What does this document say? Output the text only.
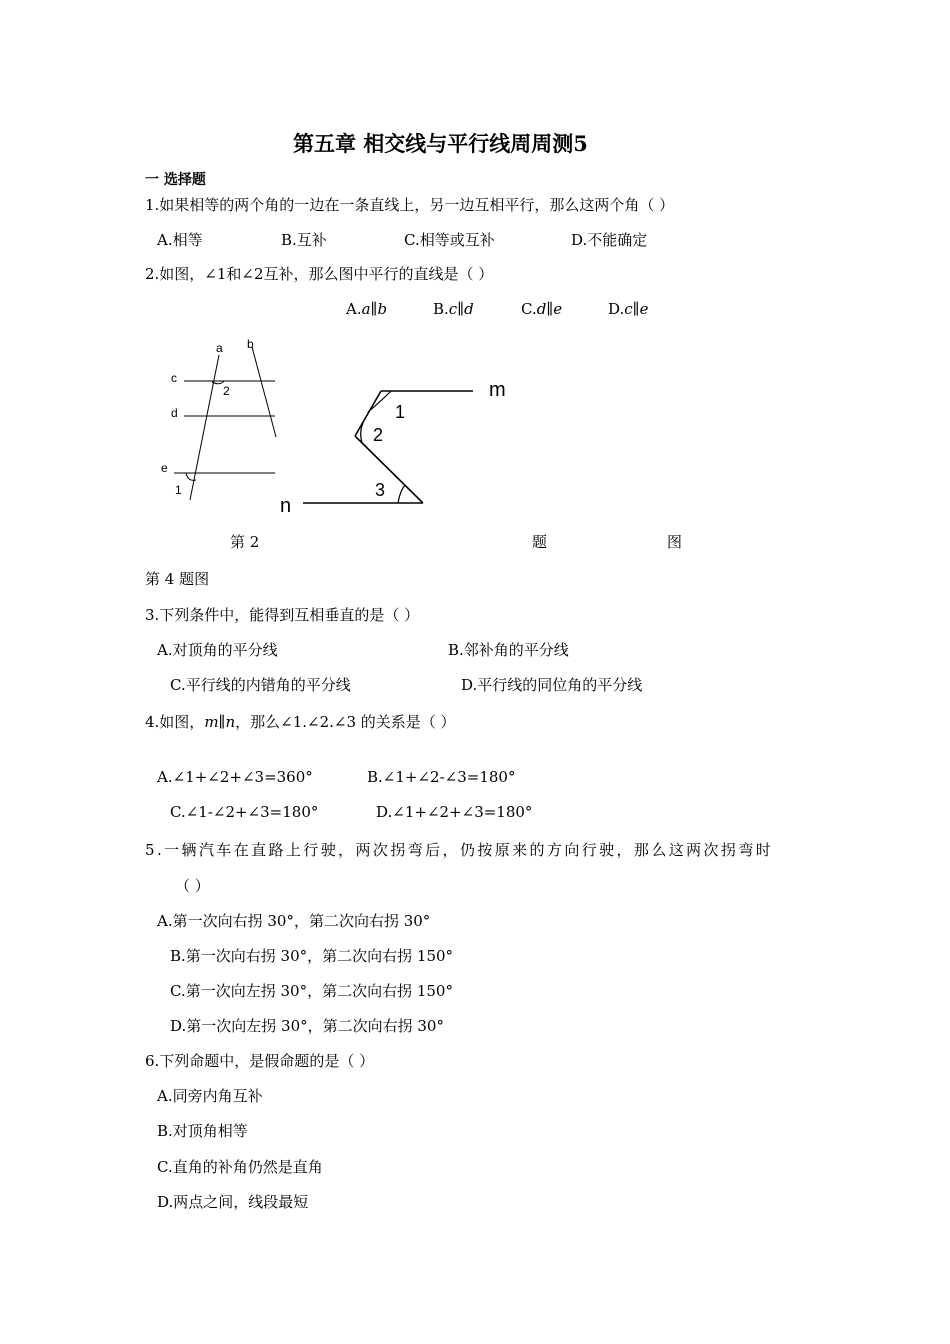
第五章 相交线与平行线周周测5
一 选择题
1.如果相等的两个角的一边在一条直线上，另一边互相平行，那么这两个角（ ）
A.相等	B.互补	C.相等或互补	D.不能确定
2.如图，∠1和∠2互补，那么图中平行的直线是（ ）
A.a∥b	B.c∥d	C.d∥e	D.c∥e
a b
c
d
e
2
1
m
n
1
2
3
第 2	题	图
第 4 题图
3.下列条件中，能得到互相垂直的是（ ）
A.对顶角的平分线	B.邻补角的平分线
C.平行线的内错角的平分线	D.平行线的同位角的平分线
4.如图，m∥n，那么∠1.∠2.∠3 的关系是（ ）
A.∠1+∠2+∠3=360°	B.∠1+∠2-∠3=180°
C.∠1-∠2+∠3=180°	D.∠1+∠2+∠3=180°
5.一辆汽车在直路上行驶，两次拐弯后，仍按原来的方向行驶，那么这两次拐弯时
（ ）
A.第一次向右拐 30°，第二次向右拐 30°
B.第一次向右拐 30°，第二次向右拐 150°
C.第一次向左拐 30°，第二次向右拐 150°
D.第一次向左拐 30°，第二次向右拐 30°
6.下列命题中，是假命题的是（ ）
A.同旁内角互补
B.对顶角相等
C.直角的补角仍然是直角
D.两点之间，线段最短
